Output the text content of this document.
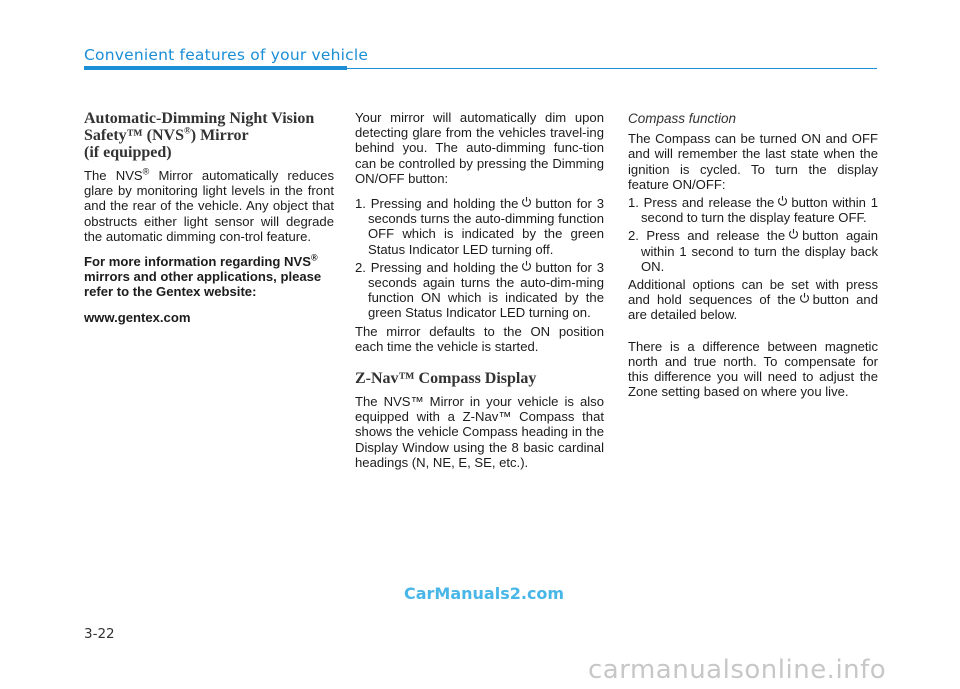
Convenient features of your vehicle
Automatic-Dimming Night Vision
Safety™ (NVS®) Mirror
(if equipped)

The NVS® Mirror automatically reduces glare by monitoring light levels in the front and the rear of the vehicle. Any object that obstructs either light sensor will degrade the automatic dimming con-trol feature.

For more information regarding NVS® mirrors and other applications, please refer to the Gentex website:

www.gentex.com

Your mirror will automatically dim upon detecting glare from the vehicles travel-ing behind you. The auto-dimming func-tion can be controlled by pressing the Dimming ON/OFF button:

1. Pressing and holding the button for 3 seconds turns the auto-dimming function OFF which is indicated by the green Status Indicator LED turning off.
2. Pressing and holding the button for 3 seconds again turns the auto-dim-ming function ON which is indicated by the green Status Indicator LED turning on.

The mirror defaults to the ON position each time the vehicle is started.

Z-Nav™ Compass Display

The NVS™ Mirror in your vehicle is also equipped with a Z-Nav™ Compass that shows the vehicle Compass heading in the Display Window using the 8 basic cardinal headings (N, NE, E, SE, etc.).

Compass function

The Compass can be turned ON and OFF and will remember the last state when the ignition is cycled. To turn the display feature ON/OFF:

1. Press and release the button within 1 second to turn the display feature OFF.
2. Press and release the button again within 1 second to turn the display back ON.

Additional options can be set with press and hold sequences of the button and are detailed below.

There is a difference between magnetic north and true north. To compensate for this difference you will need to adjust the Zone setting based on where you live.

CarManuals2.com
3-22
carmanualsonline.info
